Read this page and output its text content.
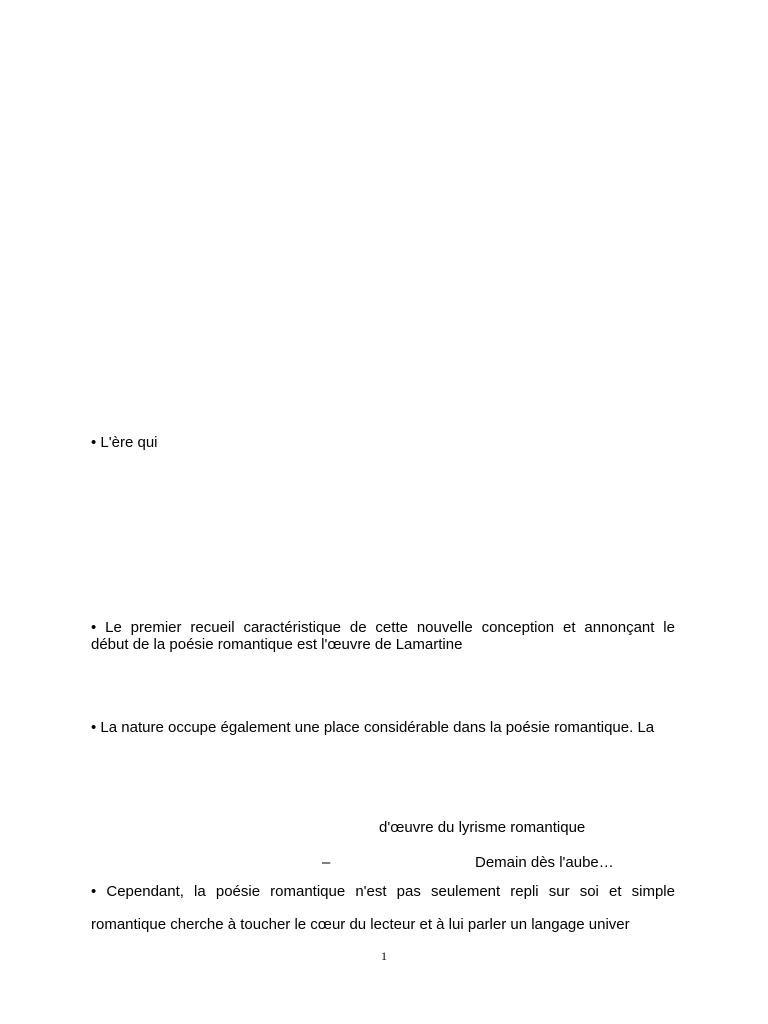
• L'ère qui
• Le premier recueil caractéristique de cette nouvelle conception et annonçant le
début de la poésie romantique est l'œuvre de Lamartine
• La nature occupe également une place considérable dans la poésie romantique. La
d'œuvre du lyrisme romantique
–	Demain dès l'aube…
• Cependant, la poésie romantique n'est pas seulement repli sur soi et simple
romantique cherche à toucher le cœur du lecteur et à lui parler un langage univer
1
